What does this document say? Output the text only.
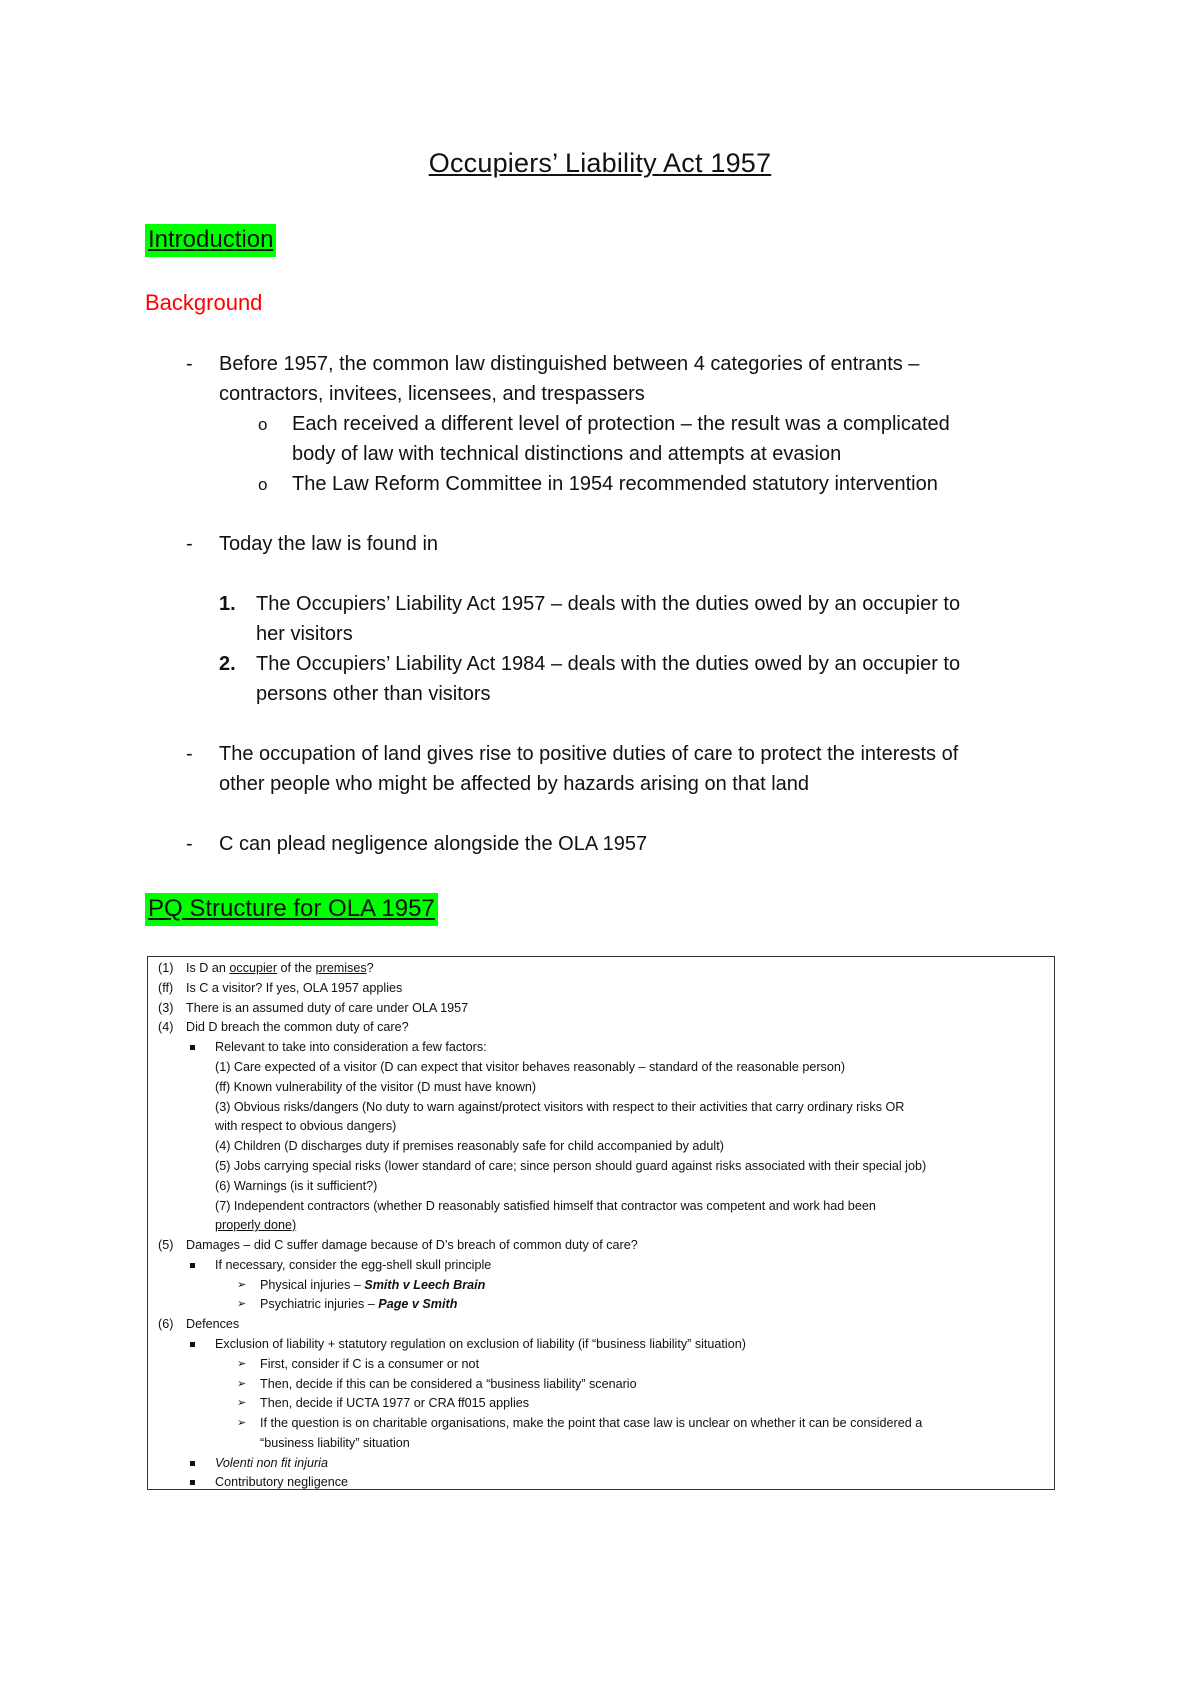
Occupiers’ Liability Act 1957
Introduction
Background
- Before 1957, the common law distinguished between 4 categories of entrants –
contractors, invitees, licensees, and trespassers
o Each received a different level of protection – the result was a complicated
body of law with technical distinctions and attempts at evasion
o The Law Reform Committee in 1954 recommended statutory intervention
- Today the law is found in
1. The Occupiers’ Liability Act 1957 – deals with the duties owed by an occupier to
her visitors
2. The Occupiers’ Liability Act 1984 – deals with the duties owed by an occupier to
persons other than visitors
- The occupation of land gives rise to positive duties of care to protect the interests of
other people who might be affected by hazards arising on that land
- C can plead negligence alongside the OLA 1957
PQ Structure for OLA 1957
(1) Is D an occupier of the premises?
(ff) Is C a visitor? If yes, OLA 1957 applies
(3) There is an assumed duty of care under OLA 1957
(4) Did D breach the common duty of care?
Relevant to take into consideration a few factors:
(1) Care expected of a visitor (D can expect that visitor behaves reasonably – standard of the reasonable person)
(ff) Known vulnerability of the visitor (D must have known)
(3) Obvious risks/dangers (No duty to warn against/protect visitors with respect to their activities that carry ordinary risks OR
with respect to obvious dangers)
(4) Children (D discharges duty if premises reasonably safe for child accompanied by adult)
(5) Jobs carrying special risks (lower standard of care; since person should guard against risks associated with their special job)
(6) Warnings (is it sufficient?)
(7) Independent contractors (whether D reasonably satisfied himself that contractor was competent and work had been
properly done)
(5) Damages – did C suffer damage because of D’s breach of common duty of care?
If necessary, consider the egg-shell skull principle
➢ Physical injuries – Smith v Leech Brain
➢ Psychiatric injuries – Page v Smith
(6) Defences
Exclusion of liability + statutory regulation on exclusion of liability (if “business liability” situation)
➢ First, consider if C is a consumer or not
➢ Then, decide if this can be considered a “business liability” scenario
➢ Then, decide if UCTA 1977 or CRA ff015 applies
➢ If the question is on charitable organisations, make the point that case law is unclear on whether it can be considered a
“business liability” situation
Volenti non fit injuria
Contributory negligence
